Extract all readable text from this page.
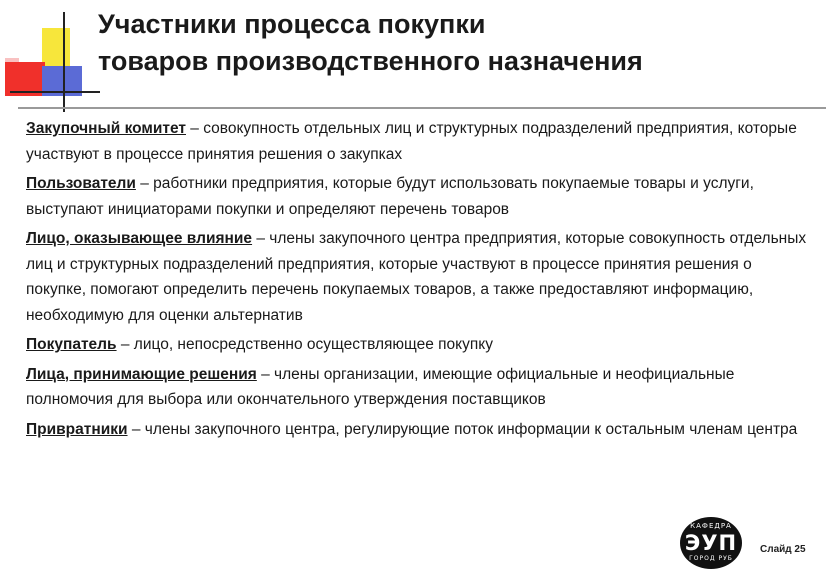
Участники процесса покупки
товаров производственного назначения
Закупочный комитет – совокупность отдельных лиц и структурных подразделений предприятия, которые участвуют в процессе принятия решения о закупках
Пользователи – работники предприятия, которые будут использовать покупаемые товары и услуги, выступают инициаторами покупки и определяют перечень товаров
Лицо, оказывающее влияние – члены закупочного центра предприятия, которые совокупность отдельных лиц и структурных подразделений предприятия, которые участвуют в процессе принятия решения о покупке, помогают определить перечень покупаемых товаров, а также предоставляют информацию, необходимую для оценки альтернатив
Покупатель – лицо, непосредственно осуществляющее покупку
Лица, принимающие решения – члены организации, имеющие официальные и неофициальные полномочия для выбора или окончательного утверждения поставщиков
Привратники – члены закупочного центра, регулирующие поток информации к остальным членам центра
КАФЕДРА
ЭУП
ГОРОД РУБ
Слайд 25
